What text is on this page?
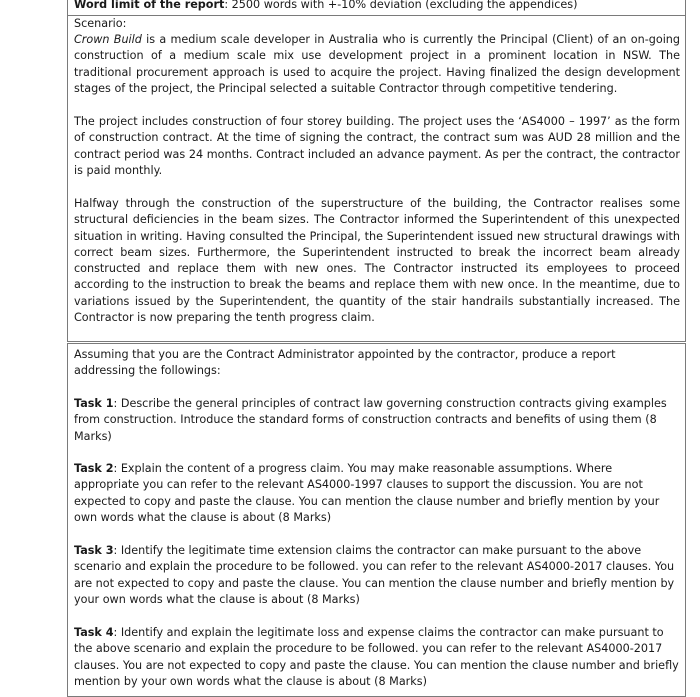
Word limit of the report: 2500 words with +-10% deviation (excluding the appendices)

Scenario:

Crown Build is a medium scale developer in Australia who is currently the Principal (Client) of an on-going construction of a medium scale mix use development project in a prominent location in NSW. The traditional procurement approach is used to acquire the project. Having finalized the design development stages of the project, the Principal selected a suitable Contractor through competitive tendering.

The project includes construction of four storey building. The project uses the ‘AS4000 – 1997’ as the form of construction contract. At the time of signing the contract, the contract sum was AUD 28 million and the contract period was 24 months. Contract included an advance payment. As per the contract, the contractor is paid monthly.

Halfway through the construction of the superstructure of the building, the Contractor realises some structural deficiencies in the beam sizes. The Contractor informed the Superintendent of this unexpected situation in writing. Having consulted the Principal, the Superintendent issued new structural drawings with correct beam sizes. Furthermore, the Superintendent instructed to break the incorrect beam already constructed and replace them with new ones. The Contractor instructed its employees to proceed according to the instruction to break the beams and replace them with new once. In the meantime, due to variations issued by the Superintendent, the quantity of the stair handrails substantially increased. The Contractor is now preparing the tenth progress claim.

Assuming that you are the Contract Administrator appointed by the contractor, produce a report addressing the followings:

Task 1: Describe the general principles of contract law governing construction contracts giving examples from construction. Introduce the standard forms of construction contracts and benefits of using them (8 Marks)

Task 2: Explain the content of a progress claim. You may make reasonable assumptions. Where appropriate you can refer to the relevant AS4000-1997 clauses to support the discussion. You are not expected to copy and paste the clause. You can mention the clause number and briefly mention by your own words what the clause is about (8 Marks)

Task 3: Identify the legitimate time extension claims the contractor can make pursuant to the above scenario and explain the procedure to be followed. you can refer to the relevant AS4000-2017 clauses. You are not expected to copy and paste the clause. You can mention the clause number and briefly mention by your own words what the clause is about (8 Marks)

Task 4: Identify and explain the legitimate loss and expense claims the contractor can make pursuant to the above scenario and explain the procedure to be followed. you can refer to the relevant AS4000-2017 clauses. You are not expected to copy and paste the clause. You can mention the clause number and briefly mention by your own words what the clause is about (8 Marks)
